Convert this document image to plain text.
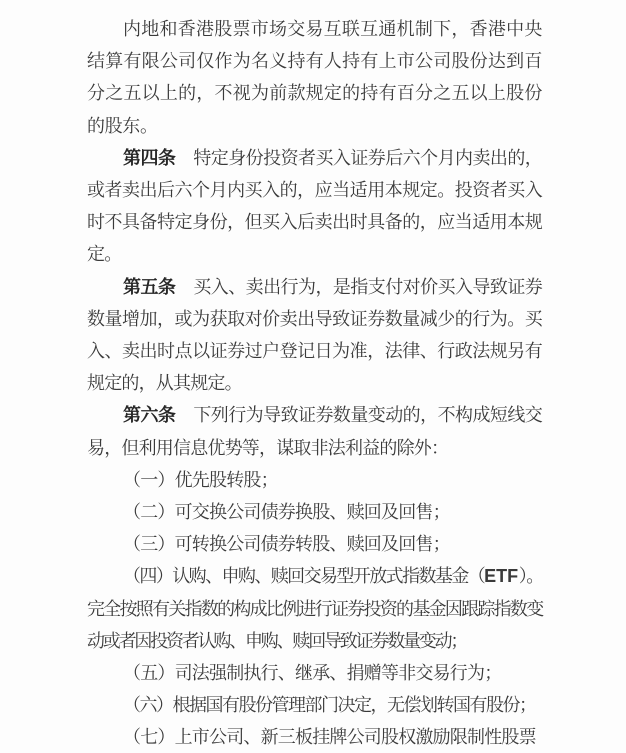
内地和香港股票市场交易互联互通机制下，香港中央结算有限公司仅作为名义持有人持有上市公司股份达到百分之五以上的，不视为前款规定的持有百分之五以上股份的股东。

第四条 特定身份投资者买入证券后六个月内卖出的，或者卖出后六个月内买入的，应当适用本规定。投资者买入时不具备特定身份，但买入后卖出时具备的，应当适用本规定。

第五条 买入、卖出行为，是指支付对价买入导致证券数量增加，或为获取对价卖出导致证券数量减少的行为。买入、卖出时点以证券过户登记日为准，法律、行政法规另有规定的，从其规定。

第六条 下列行为导致证券数量变动的，不构成短线交易，但利用信息优势等，谋取非法利益的除外：

（一）优先股转股；

（二）可交换公司债券换股、赎回及回售；

（三）可转换公司债券转股、赎回及回售；

（四）认购、申购、赎回交易型开放式指数基金（ETF）。完全按照有关指数的构成比例进行证券投资的基金因跟踪指数变动或者因投资者认购、申购、赎回导致证券数量变动；

（五）司法强制执行、继承、捐赠等非交易行为；

（六）根据国有股份管理部门决定，无偿划转国有股份；

（七）上市公司、新三板挂牌公司股权激励限制性股票
